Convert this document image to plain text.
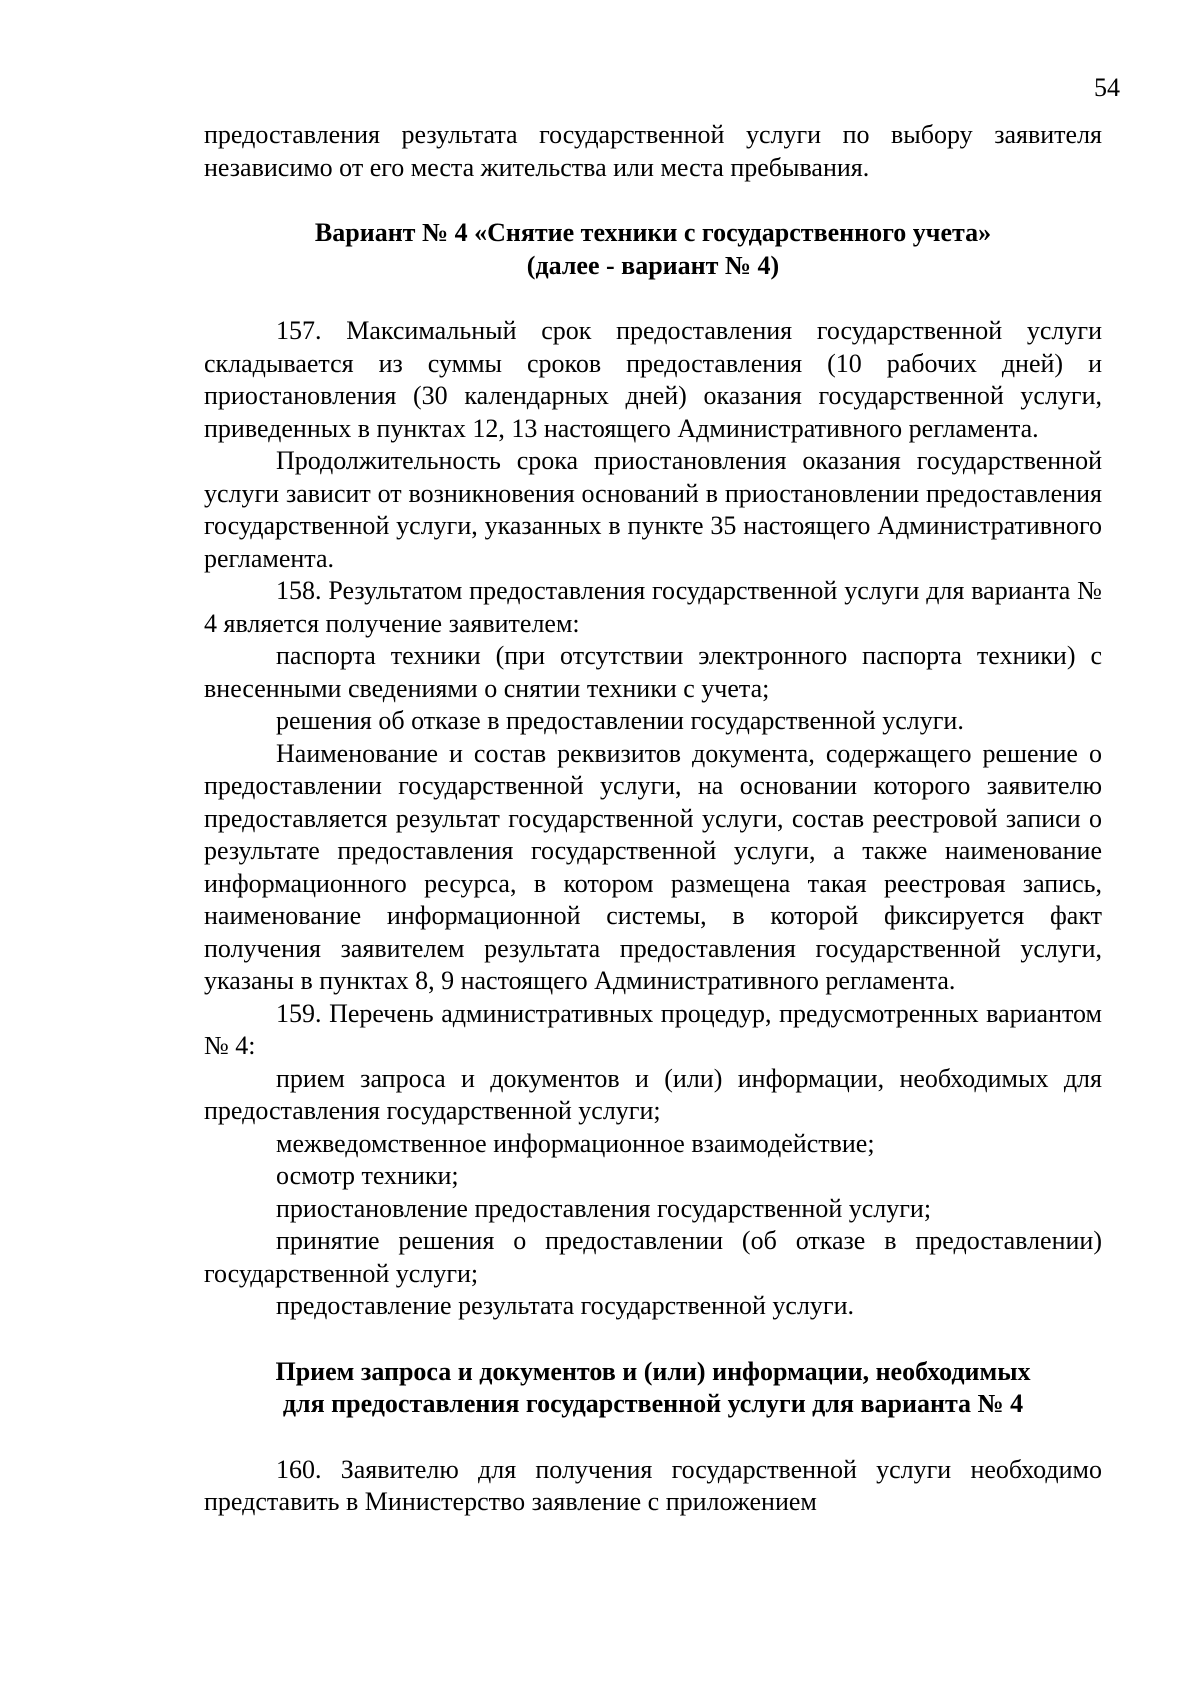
54

предоставления результата государственной услуги по выбору заявителя независимо от его места жительства или места пребывания.

Вариант № 4 «Снятие техники с государственного учета»
(далее - вариант № 4)

157. Максимальный срок предоставления государственной услуги складывается из суммы сроков предоставления (10 рабочих дней) и приостановления (30 календарных дней) оказания государственной услуги, приведенных в пунктах 12, 13 настоящего Административного регламента.

Продолжительность срока приостановления оказания государственной услуги зависит от возникновения оснований в приостановлении предоставления государственной услуги, указанных в пункте 35 настоящего Административного регламента.

158. Результатом предоставления государственной услуги для варианта № 4 является получение заявителем:

паспорта техники (при отсутствии электронного паспорта техники) с внесенными сведениями о снятии техники с учета;

решения об отказе в предоставлении государственной услуги.

Наименование и состав реквизитов документа, содержащего решение о предоставлении государственной услуги, на основании которого заявителю предоставляется результат государственной услуги, состав реестровой записи о результате предоставления государственной услуги, а также наименование информационного ресурса, в котором размещена такая реестровая запись, наименование информационной системы, в которой фиксируется факт получения заявителем результата предоставления государственной услуги, указаны в пунктах 8, 9 настоящего Административного регламента.

159. Перечень административных процедур, предусмотренных вариантом № 4:

прием запроса и документов и (или) информации, необходимых для предоставления государственной услуги;

межведомственное информационное взаимодействие;

осмотр техники;

приостановление предоставления государственной услуги;

принятие решения о предоставлении (об отказе в предоставлении) государственной услуги;

предоставление результата государственной услуги.

Прием запроса и документов и (или) информации, необходимых
для предоставления государственной услуги для варианта № 4

160. Заявителю для получения государственной услуги необходимо представить в Министерство заявление с приложением
